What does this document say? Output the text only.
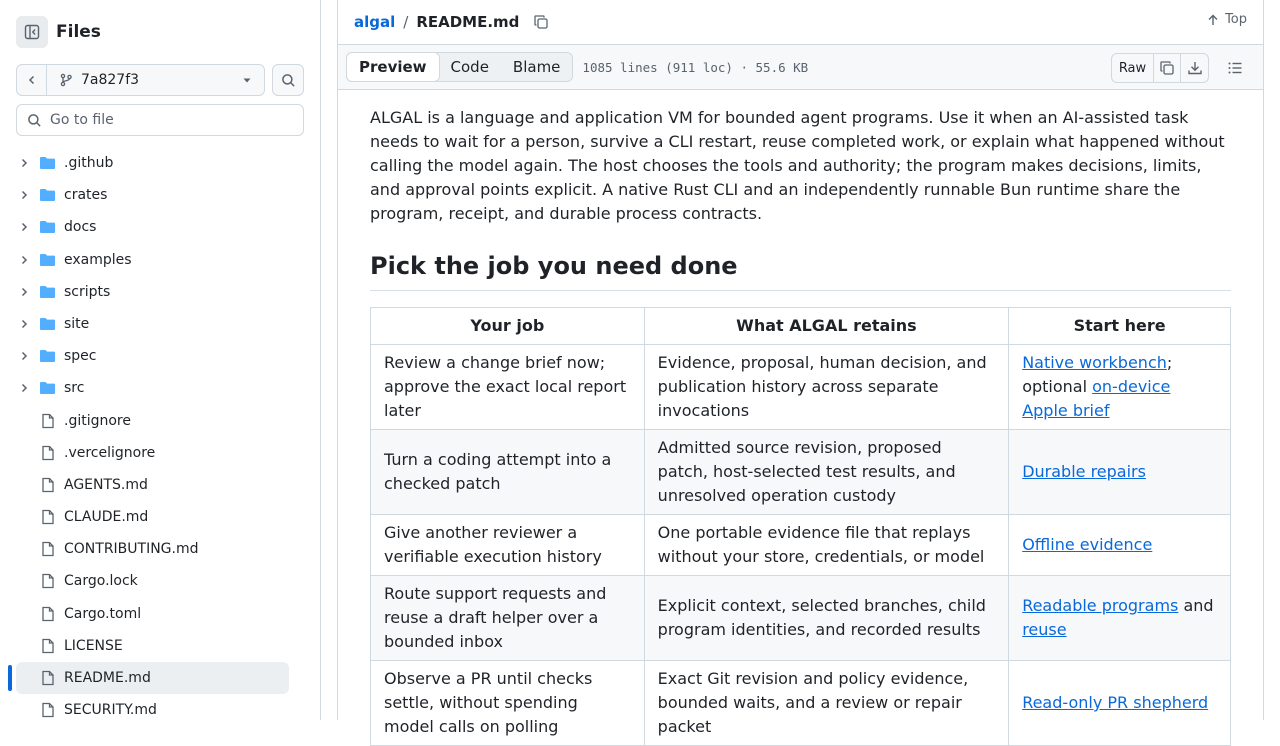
Files
7a827f3
Go to file
.github
crates
docs
examples
scripts
site
spec
src
.gitignore
.vercelignore
AGENTS.md
CLAUDE.md
CONTRIBUTING.md
Cargo.lock
Cargo.toml
LICENSE
README.md
SECURITY.md
algal / README.md	Top
Preview	Code	Blame	1085 lines (911 loc) · 55.6 KB	Raw

ALGAL is a language and application VM for bounded agent programs. Use it when an AI-assisted task needs to wait for a person, survive a CLI restart, reuse completed work, or explain what happened without calling the model again. The host chooses the tools and authority; the program makes decisions, limits, and approval points explicit. A native Rust CLI and an independently runnable Bun runtime share the program, receipt, and durable process contracts.

Pick the job you need done
Your job	What ALGAL retains	Start here
Review a change brief now; approve the exact local report later	Evidence, proposal, human decision, and publication history across separate invocations	Native workbench; optional on-device Apple brief
Turn a coding attempt into a checked patch	Admitted source revision, proposed patch, host-selected test results, and unresolved operation custody	Durable repairs
Give another reviewer a verifiable execution history	One portable evidence file that replays without your store, credentials, or model	Offline evidence
Route support requests and reuse a draft helper over a bounded inbox	Explicit context, selected branches, child program identities, and recorded results	Readable programs and reuse
Observe a PR until checks settle, without spending model calls on polling	Exact Git revision and policy evidence, bounded waits, and a review or repair packet	Read-only PR shepherd
